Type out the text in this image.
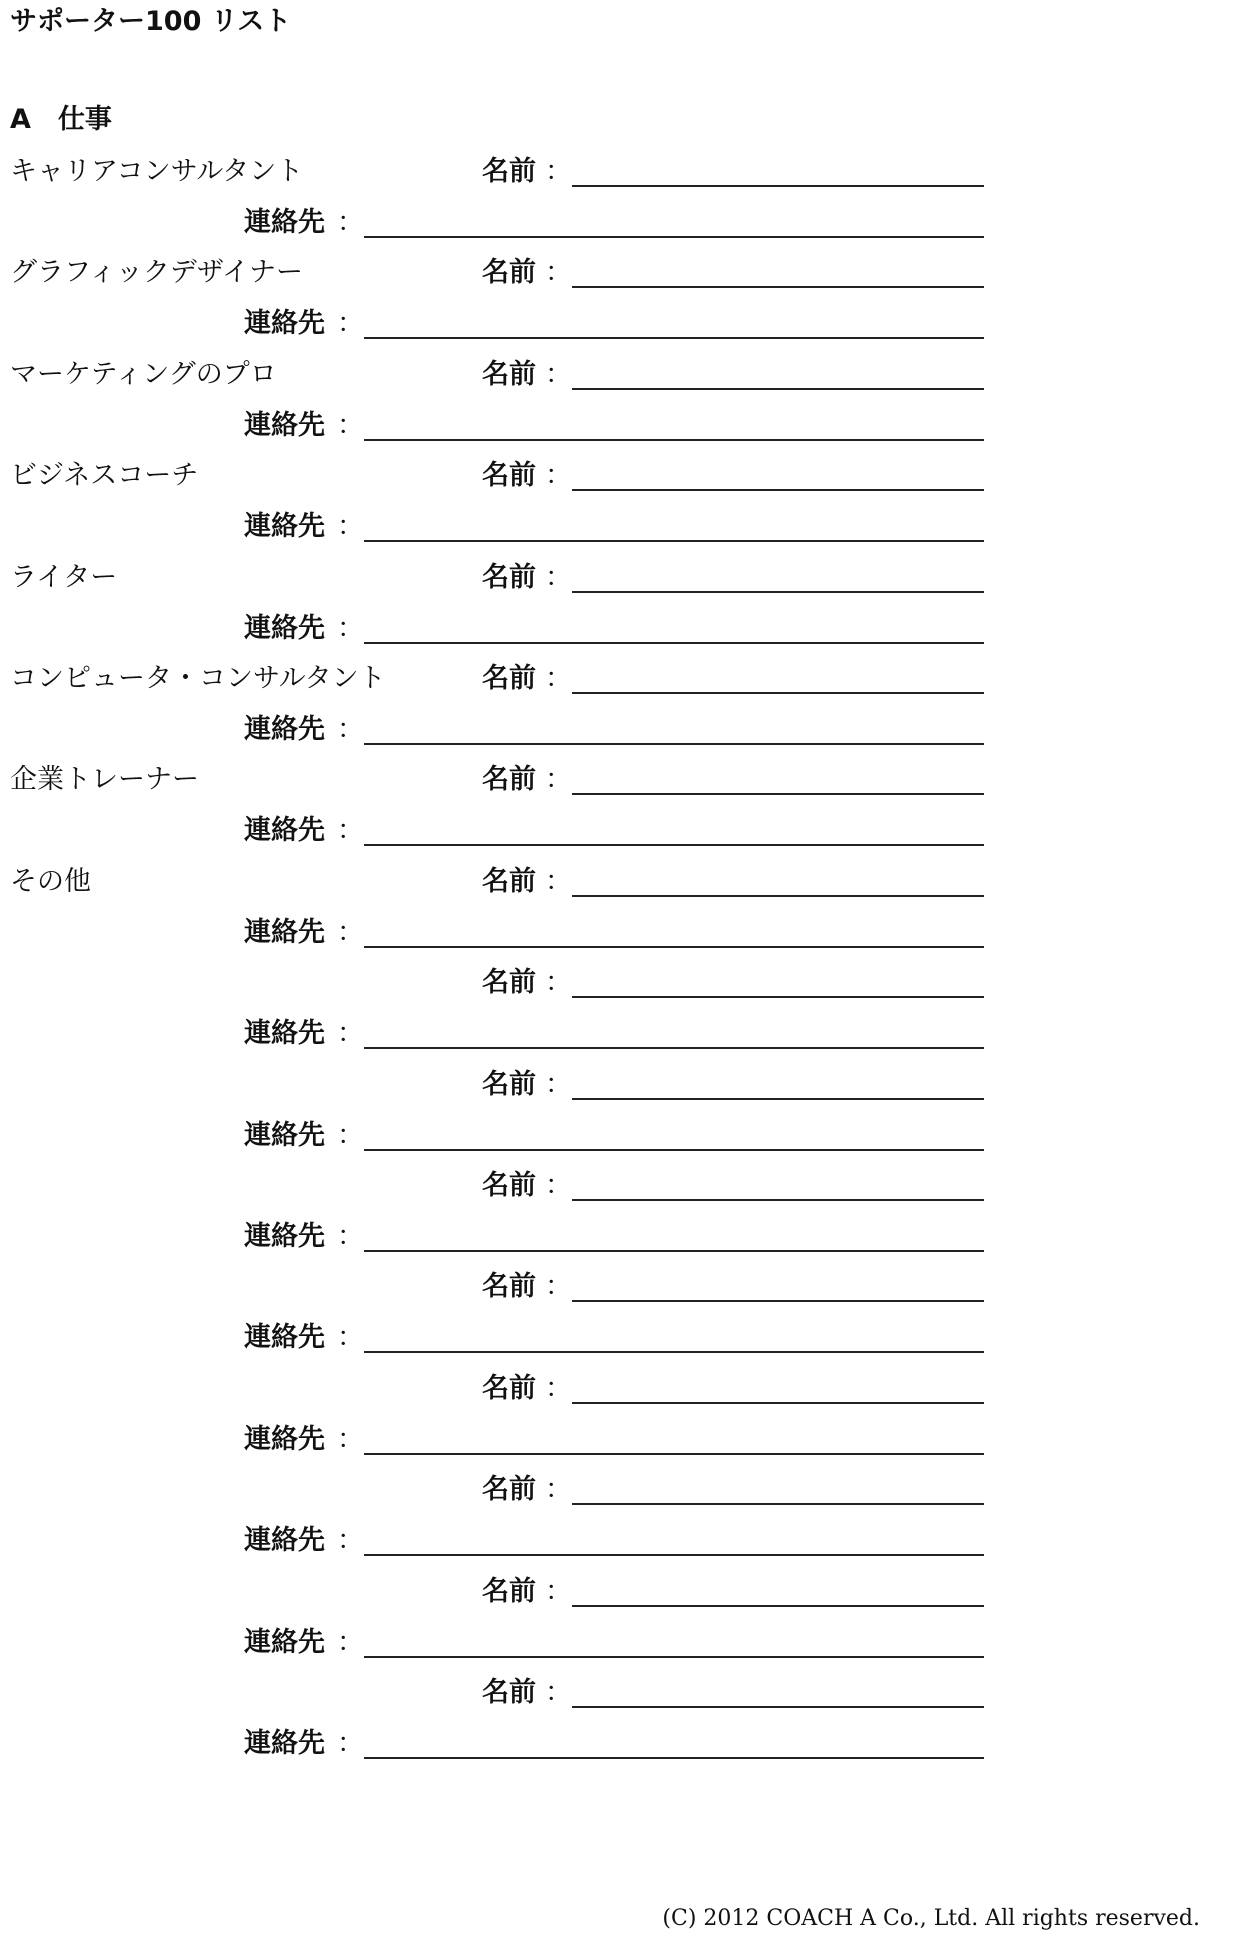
サポーター100 リスト
A　仕事
キャリアコンサルタント	名前 ：
連絡先 ：
グラフィックデザイナー	名前 ：
連絡先 ：
マーケティングのプロ	名前 ：
連絡先 ：
ビジネスコーチ	名前 ：
連絡先 ：
ライター	名前 ：
連絡先 ：
コンピュータ・コンサルタント	名前 ：
連絡先 ：
企業トレーナー	名前 ：
連絡先 ：
その他	名前 ：
連絡先 ：
名前 ：
連絡先 ：
名前 ：
連絡先 ：
名前 ：
連絡先 ：
名前 ：
連絡先 ：
名前 ：
連絡先 ：
名前 ：
連絡先 ：
名前 ：
連絡先 ：
名前 ：
連絡先 ：
(C) 2012 COACH A Co., Ltd. All rights reserved.
